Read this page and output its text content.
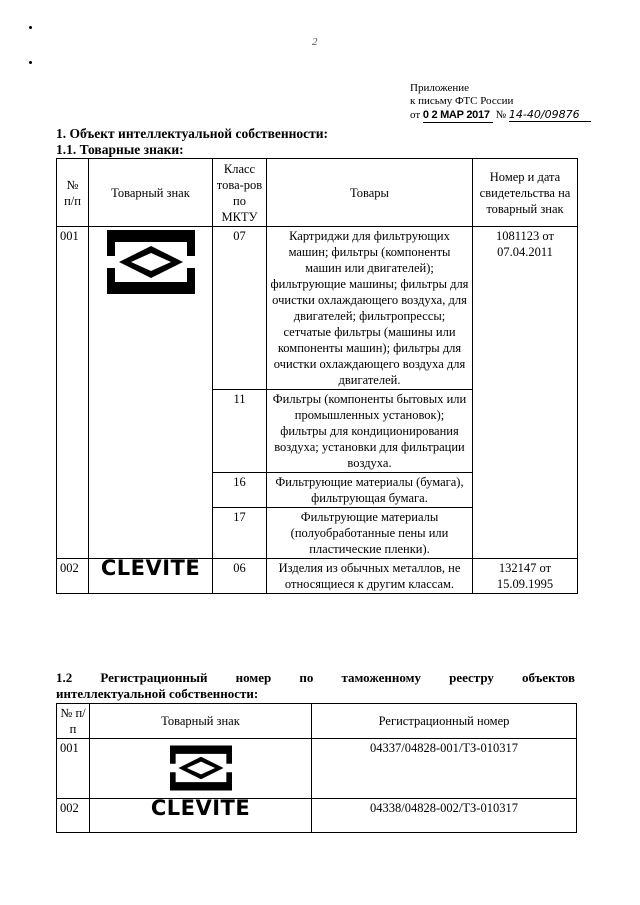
2
Приложение
к письму ФТС России
от 0 2 МАР 2017 № 14-40/09876
1. Объект интеллектуальной собственности:
1.1. Товарные знаки:
№ п/п	Товарный знак	Класс това-ров по МКТУ	Товары	Номер и дата свидетельства на товарный знак
001		07	Картриджи для фильтрующих машин; фильтры (компоненты машин или двигателей); фильтрующие машины; фильтры для очистки охлаждающего воздуха, для двигателей; фильтропрессы; сетчатые фильтры (машины или компоненты машин); фильтры для очистки охлаждающего воздуха для двигателей.	1081123 от 07.04.2011
		11	Фильтры (компоненты бытовых или промышленных установок); фильтры для кондиционирования воздуха; установки для фильтрации воздуха.	
		16	Фильтрующие материалы (бумага), фильтрующая бумага.	
		17	Фильтрующие материалы (полуобработанные пены или пластические пленки).	
002	CLEVITE	06	Изделия из обычных металлов, не относящиеся к другим классам.	132147 от 15.09.1995
1.2 Регистрационный номер по таможенному реестру объектов
интеллектуальной собственности:
№ п/п	Товарный знак	Регистрационный номер
001		04337/04828-001/ТЗ-010317
002	CLEVITE	04338/04828-002/ТЗ-010317
